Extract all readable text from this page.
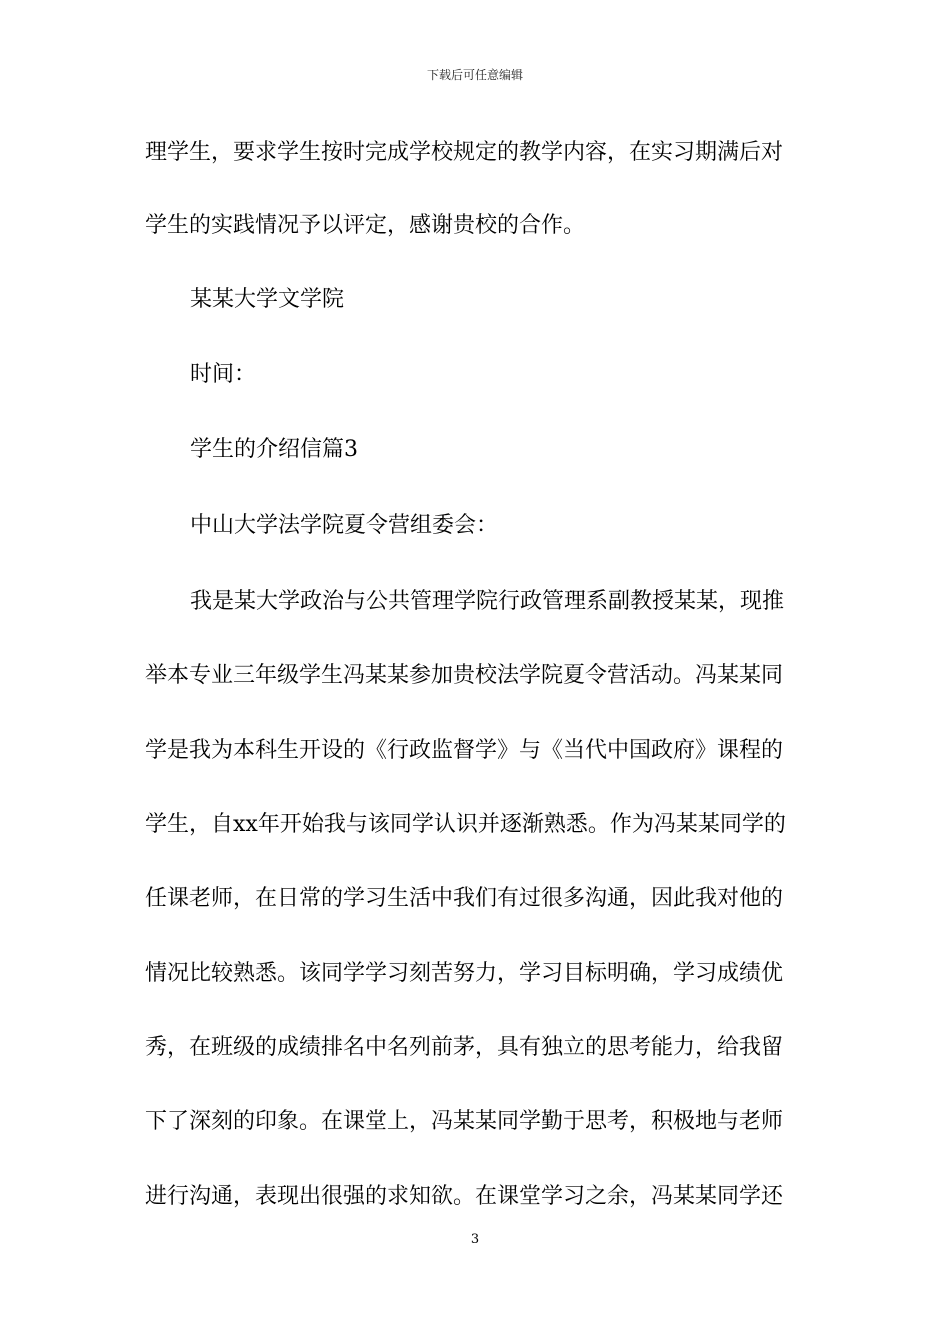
下载后可任意编辑
理学生，要求学生按时完成学校规定的教学内容，在实习期满后对
学生的实践情况予以评定，感谢贵校的合作。
某某大学文学院
时间：
学生的介绍信篇3
中山大学法学院夏令营组委会：
我是某大学政治与公共管理学院行政管理系副教授某某，现推
举本专业三年级学生冯某某参加贵校法学院夏令营活动。冯某某同
学是我为本科生开设的《行政监督学》与《当代中国政府》课程的
学生，自xx年开始我与该同学认识并逐渐熟悉。作为冯某某同学的
任课老师，在日常的学习生活中我们有过很多沟通，因此我对他的
情况比较熟悉。该同学学习刻苦努力，学习目标明确，学习成绩优
秀，在班级的成绩排名中名列前茅，具有独立的思考能力，给我留
下了深刻的印象。在课堂上，冯某某同学勤于思考，积极地与老师
进行沟通，表现出很强的求知欲。在课堂学习之余，冯某某同学还
3
